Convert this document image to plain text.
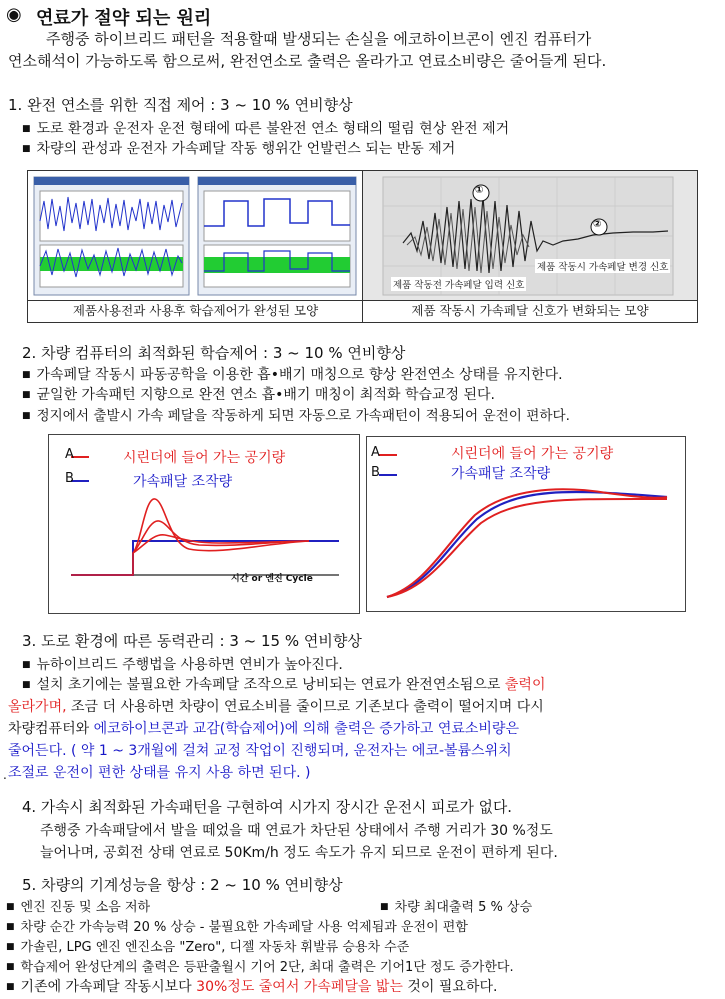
◉ 연료가 절약 되는 원리
주행중 하이브리드 패턴을 적용할때 발생되는 손실을 에코하이브콘이 엔진 컴퓨터가
연소해석이 가능하도록 함으로써, 완전연소로 출력은 올라가고 연료소비량은 줄어들게 된다.
1. 완전 연소를 위한 직접 제어 : 3 ~ 10 % 연비향상
■ 도로 환경과 운전자 운전 형태에 따른 불완전 연소 형태의 떨림 현상 완전 제거
■ 차량의 관성과 운전자 가속페달 작동 행위간 언발런스 되는 반동 제거
제품사용전과 사용후 학습제어가 완성된 모양
①
②
제품 작동전 가속페달 입력 신호
제품 작동시 가속페달 변경 신호
제품 작동시 가속페달 신호가 변화되는 모양
2. 차량 컴퓨터의 최적화된 학습제어 : 3 ~ 10 % 연비향상
■ 가속페달 작동시 파동공학을 이용한 흡•배기 매칭으로 향상 완전연소 상태를 유지한다.
■ 균일한 가속패턴 지향으로 완전 연소 흡•배기 매칭이 최적화 학습교정 된다.
■ 정지에서 출발시 가속 페달을 작동하게 되면 자동으로 가속패턴이 적용되어 운전이 편하다.
A
B
시린더에 들어 가는 공기량
가속패달 조작량
시간 or 엔진 Cycle
A
B
시린더에 들어 가는 공기량
가속패달 조작량
3. 도로 환경에 따른 동력관리 : 3 ~ 15 % 연비향상
■ 뉴하이브리드 주행법을 사용하면 연비가 높아진다.
■ 설치 초기에는 불필요한 가속페달 조작으로 낭비되는 연료가 완전연소됨으로 출력이
올라가며, 조금 더 사용하면 차량이 연료소비를 줄이므로 기존보다 출력이 떨어지며 다시
차량컴퓨터와 에코하이브콘과 교감(학습제어)에 의해 출력은 증가하고 연료소비량은
줄어든다. ( 약 1 ~ 3개월에 걸쳐 교정 작업이 진행되며, 운전자는 에코-볼륨스위치
조절로 운전이 편한 상태를 유지 사용 하면 된다. )
.
4. 가속시 최적화된 가속패턴을 구현하여 시가지 장시간 운전시 피로가 없다.
주행중 가속패달에서 발을 떼었을 때 연료가 차단된 상태에서 주행 거리가 30 %정도
늘어나며, 공회전 상태 연료로 50Km/h 정도 속도가 유지 되므로 운전이 편하게 된다.
5. 차량의 기계성능을 항상 : 2 ~ 10 % 연비향상
■ 엔진 진동 및 소음 저하
■	차량 최대출력 5 % 상승
■ 차량 순간 가속능력 20 % 상승 - 불필요한 가속페달 사용 억제됨과 운전이 편함
■ 가솔린, LPG 엔진 엔진소음 "Zero", 디젤 자동차 휘발류 승용차 수준
■ 학습제어 완성단계의 출력은 등판출월시 기어 2단, 최대 출력은 기어1단 정도 증가한다.
■ 기존에 가속페달 작동시보다 30%정도 줄여서 가속페달을 밟는 것이 필요하다.
